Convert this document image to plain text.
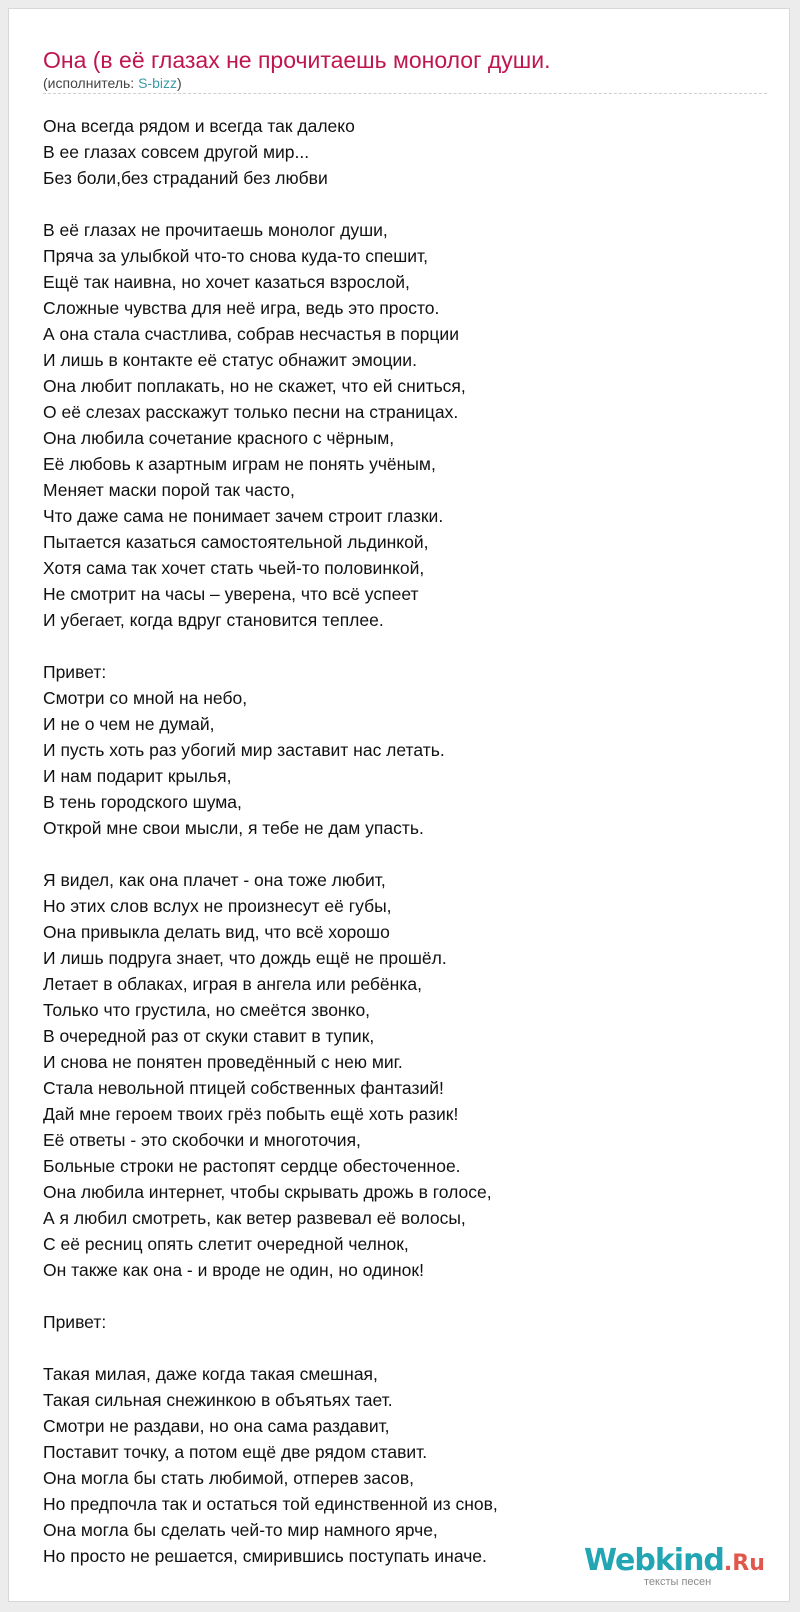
Она (в её глазах не прочитаешь монолог души.
(исполнитель: S-bizz)
Она всегда рядом и всегда так далеко
В ее глазах совсем другой мир...
Без боли,без страданий без любви
В её глазах не прочитаешь монолог души,
Пряча за улыбкой что-то снова куда-то спешит,
Ещё так наивна, но хочет казаться взрослой,
Сложные чувства для неё игра, ведь это просто.
А она стала счастлива, собрав несчастья в порции
И лишь в контакте её статус обнажит эмоции.
Она любит поплакать, но не скажет, что ей сниться,
О её слезах расскажут только песни на страницах.
Она любила сочетание красного с чёрным,
Её любовь к азартным играм не понять учёным,
Меняет маски порой так часто,
Что даже сама не понимает зачем строит глазки.
Пытается казаться самостоятельной льдинкой,
Хотя сама так хочет стать чьей-то половинкой,
Не смотрит на часы – уверена, что всё успеет
И убегает, когда вдруг становится теплее.
Привет:
Смотри со мной на небо,
И не о чем не думай,
И пусть хоть раз убогий мир заставит нас летать.
И нам подарит крылья,
В тень городского шума,
Открой мне свои мысли, я тебе не дам упасть.
Я видел, как она плачет - она тоже любит,
Но этих слов вслух не произнесут её губы,
Она привыкла делать вид, что всё хорошо
И лишь подруга знает, что дождь ещё не прошёл.
Летает в облаках, играя в ангела или ребёнка,
Только что грустила, но смеётся звонко,
В очередной раз от скуки ставит в тупик,
И снова не понятен проведённый с нею миг.
Стала невольной птицей собственных фантазий!
Дай мне героем твоих грёз побыть ещё хоть разик!
Её ответы - это скобочки и многоточия,
Больные строки не растопят сердце обесточенное.
Она любила интернет, чтобы скрывать дрожь в голосе,
А я любил смотреть, как ветер развевал её волосы,
С её ресниц опять слетит очередной челнок,
Он также как она - и вроде не один, но одинок!
Привет:
Такая милая, даже когда такая смешная,
Такая сильная снежинкою в объятьях тает.
Смотри не раздави, но она сама раздавит,
Поставит точку, а потом ещё две рядом ставит.
Она могла бы стать любимой, отперев засов,
Но предпочла так и остаться той единственной из снов,
Она могла бы сделать чей-то мир намного ярче,
Но просто не решается, смирившись поступать иначе.	Webkind.Ru
тексты песен
